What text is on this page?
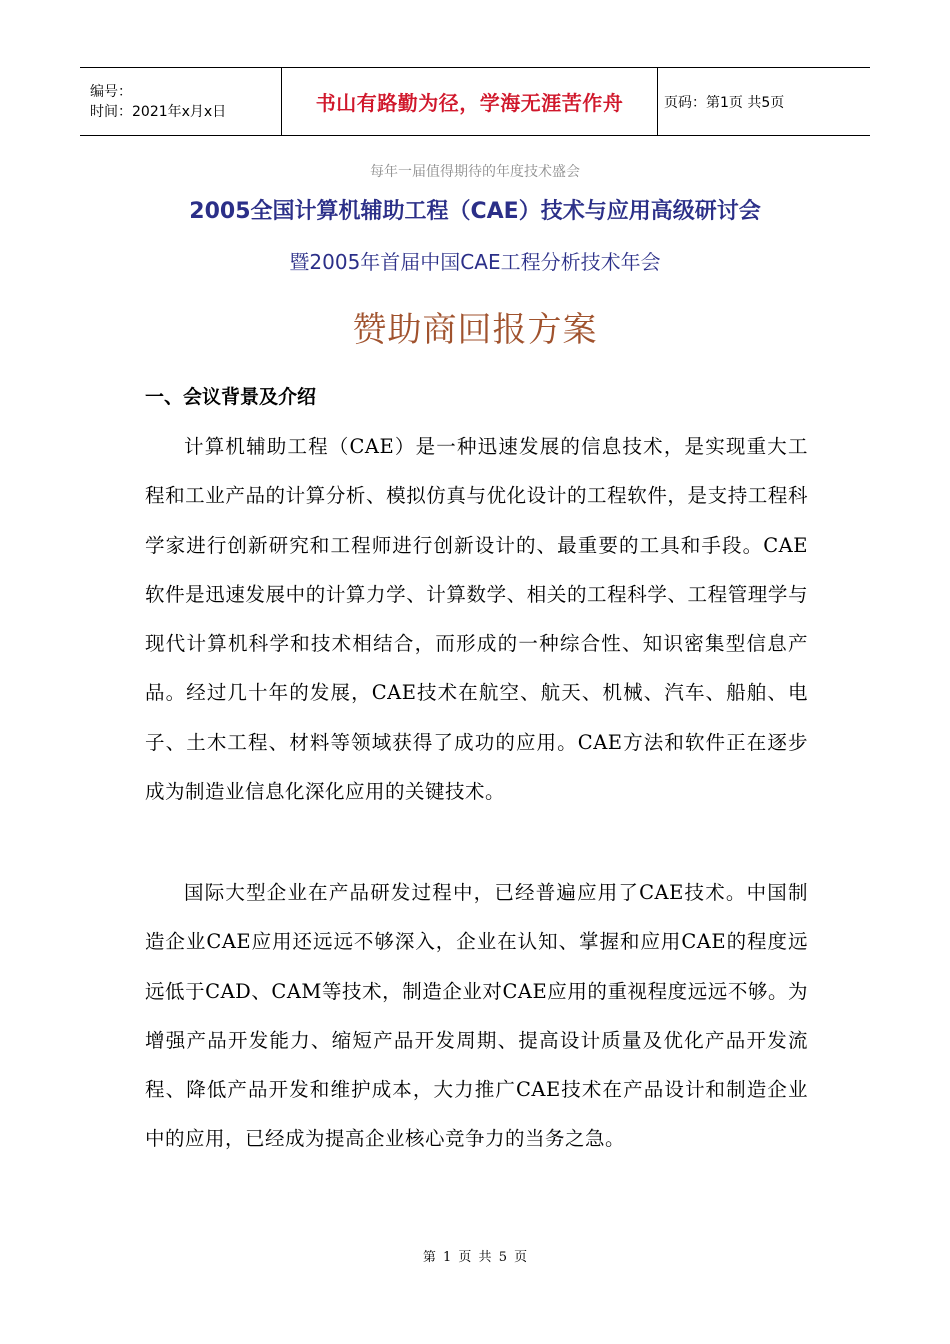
编号：
时间：2021年x月x日	书山有路勤为径，学海无涯苦作舟	页码：第1页 共5页
每年一届值得期待的年度技术盛会
2005全国计算机辅助工程（CAE）技术与应用高级研讨会
暨2005年首届中国CAE工程分析技术年会
赞助商回报方案
一、会议背景及介绍

计算机辅助工程（CAE）是一种迅速发展的信息技术，是实现重大工程和工业产品的计算分析、模拟仿真与优化设计的工程软件，是支持工程科学家进行创新研究和工程师进行创新设计的、最重要的工具和手段。CAE软件是迅速发展中的计算力学、计算数学、相关的工程科学、工程管理学与现代计算机科学和技术相结合，而形成的一种综合性、知识密集型信息产品。经过几十年的发展，CAE技术在航空、航天、机械、汽车、船舶、电子、土木工程、材料等领域获得了成功的应用。CAE方法和软件正在逐步成为制造业信息化深化应用的关键技术。

国际大型企业在产品研发过程中，已经普遍应用了CAE技术。中国制造企业CAE应用还远远不够深入，企业在认知、掌握和应用CAE的程度远远低于CAD、CAM等技术，制造企业对CAE应用的重视程度远远不够。为增强产品开发能力、缩短产品开发周期、提高设计质量及优化产品开发流程、降低产品开发和维护成本，大力推广CAE技术在产品设计和制造企业中的应用，已经成为提高企业核心竞争力的当务之急。

第 1 页 共 5 页
